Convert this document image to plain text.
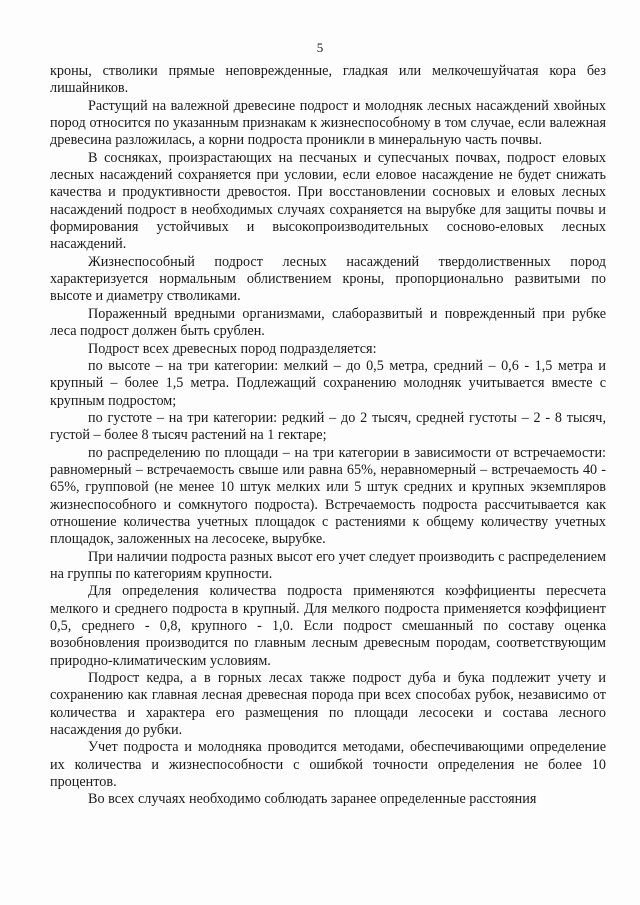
5

кроны, стволики прямые неповрежденные, гладкая или мелкочешуйчатая кора без лишайников.

Растущий на валежной древесине подрост и молодняк лесных насаждений хвойных пород относится по указанным признакам к жизнеспособному в том случае, если валежная древесина разложилась, а корни подроста проникли в минеральную часть почвы.

В сосняках, произрастающих на песчаных и супесчаных почвах, подрост еловых лесных насаждений сохраняется при условии, если еловое насаждение не будет снижать качества и продуктивности древостоя. При восстановлении сосновых и еловых лесных насаждений подрост в необходимых случаях сохраняется на вырубке для защиты почвы и формирования устойчивых и высокопроизводительных сосново-еловых лесных насаждений.

Жизнеспособный подрост лесных насаждений твердолиственных пород характеризуется нормальным облиствением кроны, пропорционально развитыми по высоте и диаметру стволиками.

Пораженный вредными организмами, слаборазвитый и поврежденный при рубке леса подрост должен быть срублен.

Подрост всех древесных пород подразделяется:

по высоте – на три категории: мелкий – до 0,5 метра, средний – 0,6 - 1,5 метра и крупный – более 1,5 метра. Подлежащий сохранению молодняк учитывается вместе с крупным подростом;

по густоте – на три категории: редкий – до 2 тысяч, средней густоты – 2 - 8 тысяч, густой – более 8 тысяч растений на 1 гектаре;

по распределению по площади – на три категории в зависимости от встречаемости: равномерный – встречаемость свыше или равна 65%, неравномерный – встречаемость 40 - 65%, групповой (не менее 10 штук мелких или 5 штук средних и крупных экземпляров жизнеспособного и сомкнутого подроста). Встречаемость подроста рассчитывается как отношение количества учетных площадок с растениями к общему количеству учетных площадок, заложенных на лесосеке, вырубке.

При наличии подроста разных высот его учет следует производить с распределением на группы по категориям крупности.

Для определения количества подроста применяются коэффициенты пересчета мелкого и среднего подроста в крупный. Для мелкого подроста применяется коэффициент 0,5, среднего - 0,8, крупного - 1,0. Если подрост смешанный по составу оценка возобновления производится по главным лесным древесным породам, соответствующим природно-климатическим условиям.

Подрост кедра, а в горных лесах также подрост дуба и бука подлежит учету и сохранению как главная лесная древесная порода при всех способах рубок, независимо от количества и характера его размещения по площади лесосеки и состава лесного насаждения до рубки.

Учет подроста и молодняка проводится методами, обеспечивающими определение их количества и жизнеспособности с ошибкой точности определения не более 10 процентов.

Во всех случаях необходимо соблюдать заранее определенные расстояния
